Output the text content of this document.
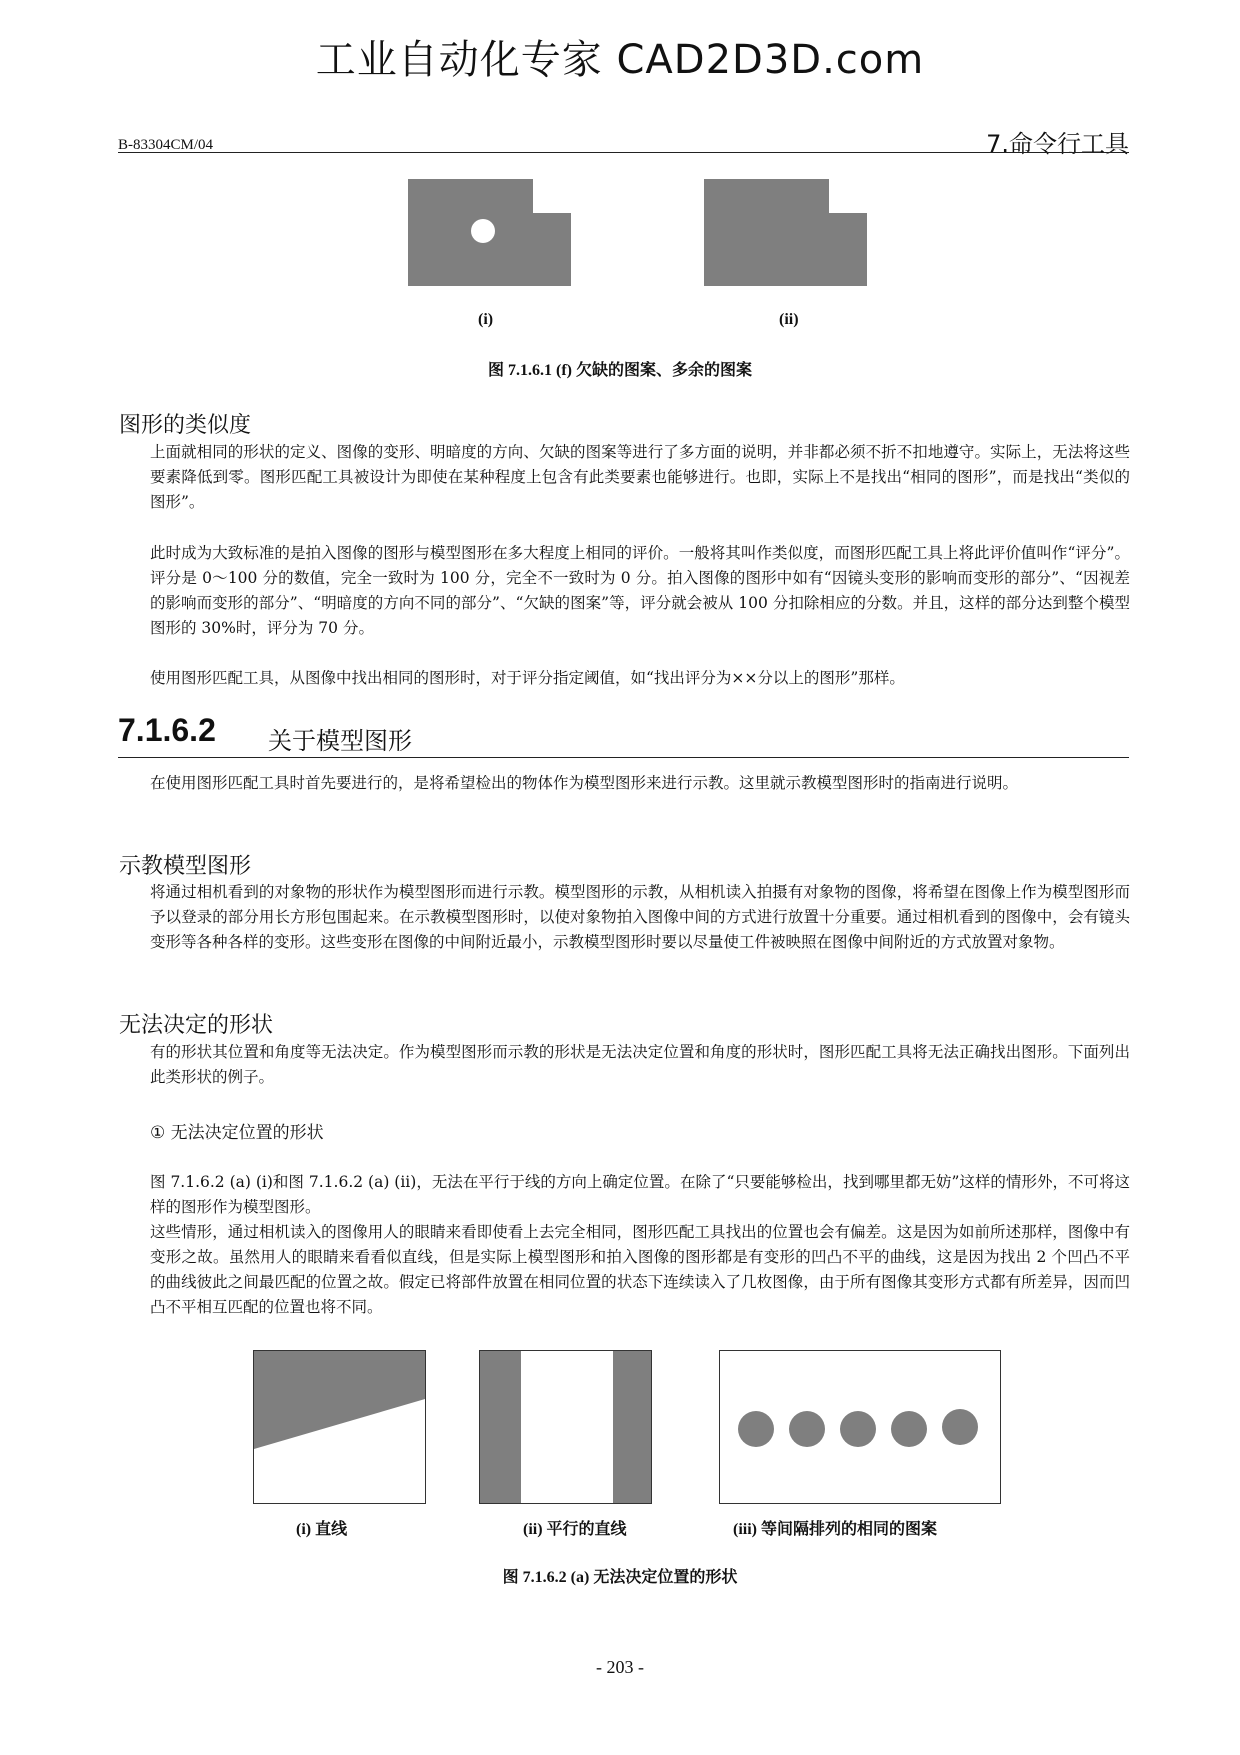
工业自动化专家 CAD2D3D.com
B-83304CM/04	7.命令行工具
(i)	(ii)
图 7.1.6.1 (f) 欠缺的图案、多余的图案
图形的类似度
上面就相同的形状的定义、图像的变形、明暗度的方向、欠缺的图案等进行了多方面的说明，并非都必须不折不扣地遵守。实际上，无法将这些要素降低到零。图形匹配工具被设计为即使在某种程度上包含有此类要素也能够进行。也即，实际上不是找出“相同的图形”，而是找出“类似的图形”。
此时成为大致标准的是拍入图像的图形与模型图形在多大程度上相同的评价。一般将其叫作类似度，而图形匹配工具上将此评价值叫作“评分”。评分是 0～100 分的数值，完全一致时为 100 分，完全不一致时为 0 分。拍入图像的图形中如有“因镜头变形的影响而变形的部分”、“因视差的影响而变形的部分”、“明暗度的方向不同的部分”、“欠缺的图案”等，评分就会被从 100 分扣除相应的分数。并且，这样的部分达到整个模型图形的 30%时，评分为 70 分。
使用图形匹配工具，从图像中找出相同的图形时，对于评分指定阈值，如“找出评分为××分以上的图形”那样。
7.1.6.2 关于模型图形
在使用图形匹配工具时首先要进行的，是将希望检出的物体作为模型图形来进行示教。这里就示教模型图形时的指南进行说明。
示教模型图形
将通过相机看到的对象物的形状作为模型图形而进行示教。模型图形的示教，从相机读入拍摄有对象物的图像，将希望在图像上作为模型图形而予以登录的部分用长方形包围起来。在示教模型图形时，以使对象物拍入图像中间的方式进行放置十分重要。通过相机看到的图像中，会有镜头变形等各种各样的变形。这些变形在图像的中间附近最小，示教模型图形时要以尽量使工件被映照在图像中间附近的方式放置对象物。
无法决定的形状
有的形状其位置和角度等无法决定。作为模型图形而示教的形状是无法决定位置和角度的形状时，图形匹配工具将无法正确找出图形。下面列出此类形状的例子。
① 无法决定位置的形状
图 7.1.6.2 (a) (i)和图 7.1.6.2 (a) (ii)，无法在平行于线的方向上确定位置。在除了“只要能够检出，找到哪里都无妨”这样的情形外，不可将这样的图形作为模型图形。
这些情形，通过相机读入的图像用人的眼睛来看即使看上去完全相同，图形匹配工具找出的位置也会有偏差。这是因为如前所述那样，图像中有变形之故。虽然用人的眼睛来看看似直线，但是实际上模型图形和拍入图像的图形都是有变形的凹凸不平的曲线，这是因为找出 2 个凹凸不平的曲线彼此之间最匹配的位置之故。假定已将部件放置在相同位置的状态下连续读入了几枚图像，由于所有图像其变形方式都有所差异，因而凹凸不平相互匹配的位置也将不同。
(i) 直线	(ii) 平行的直线	(iii) 等间隔排列的相同的图案
图 7.1.6.2 (a) 无法决定位置的形状
- 203 -
